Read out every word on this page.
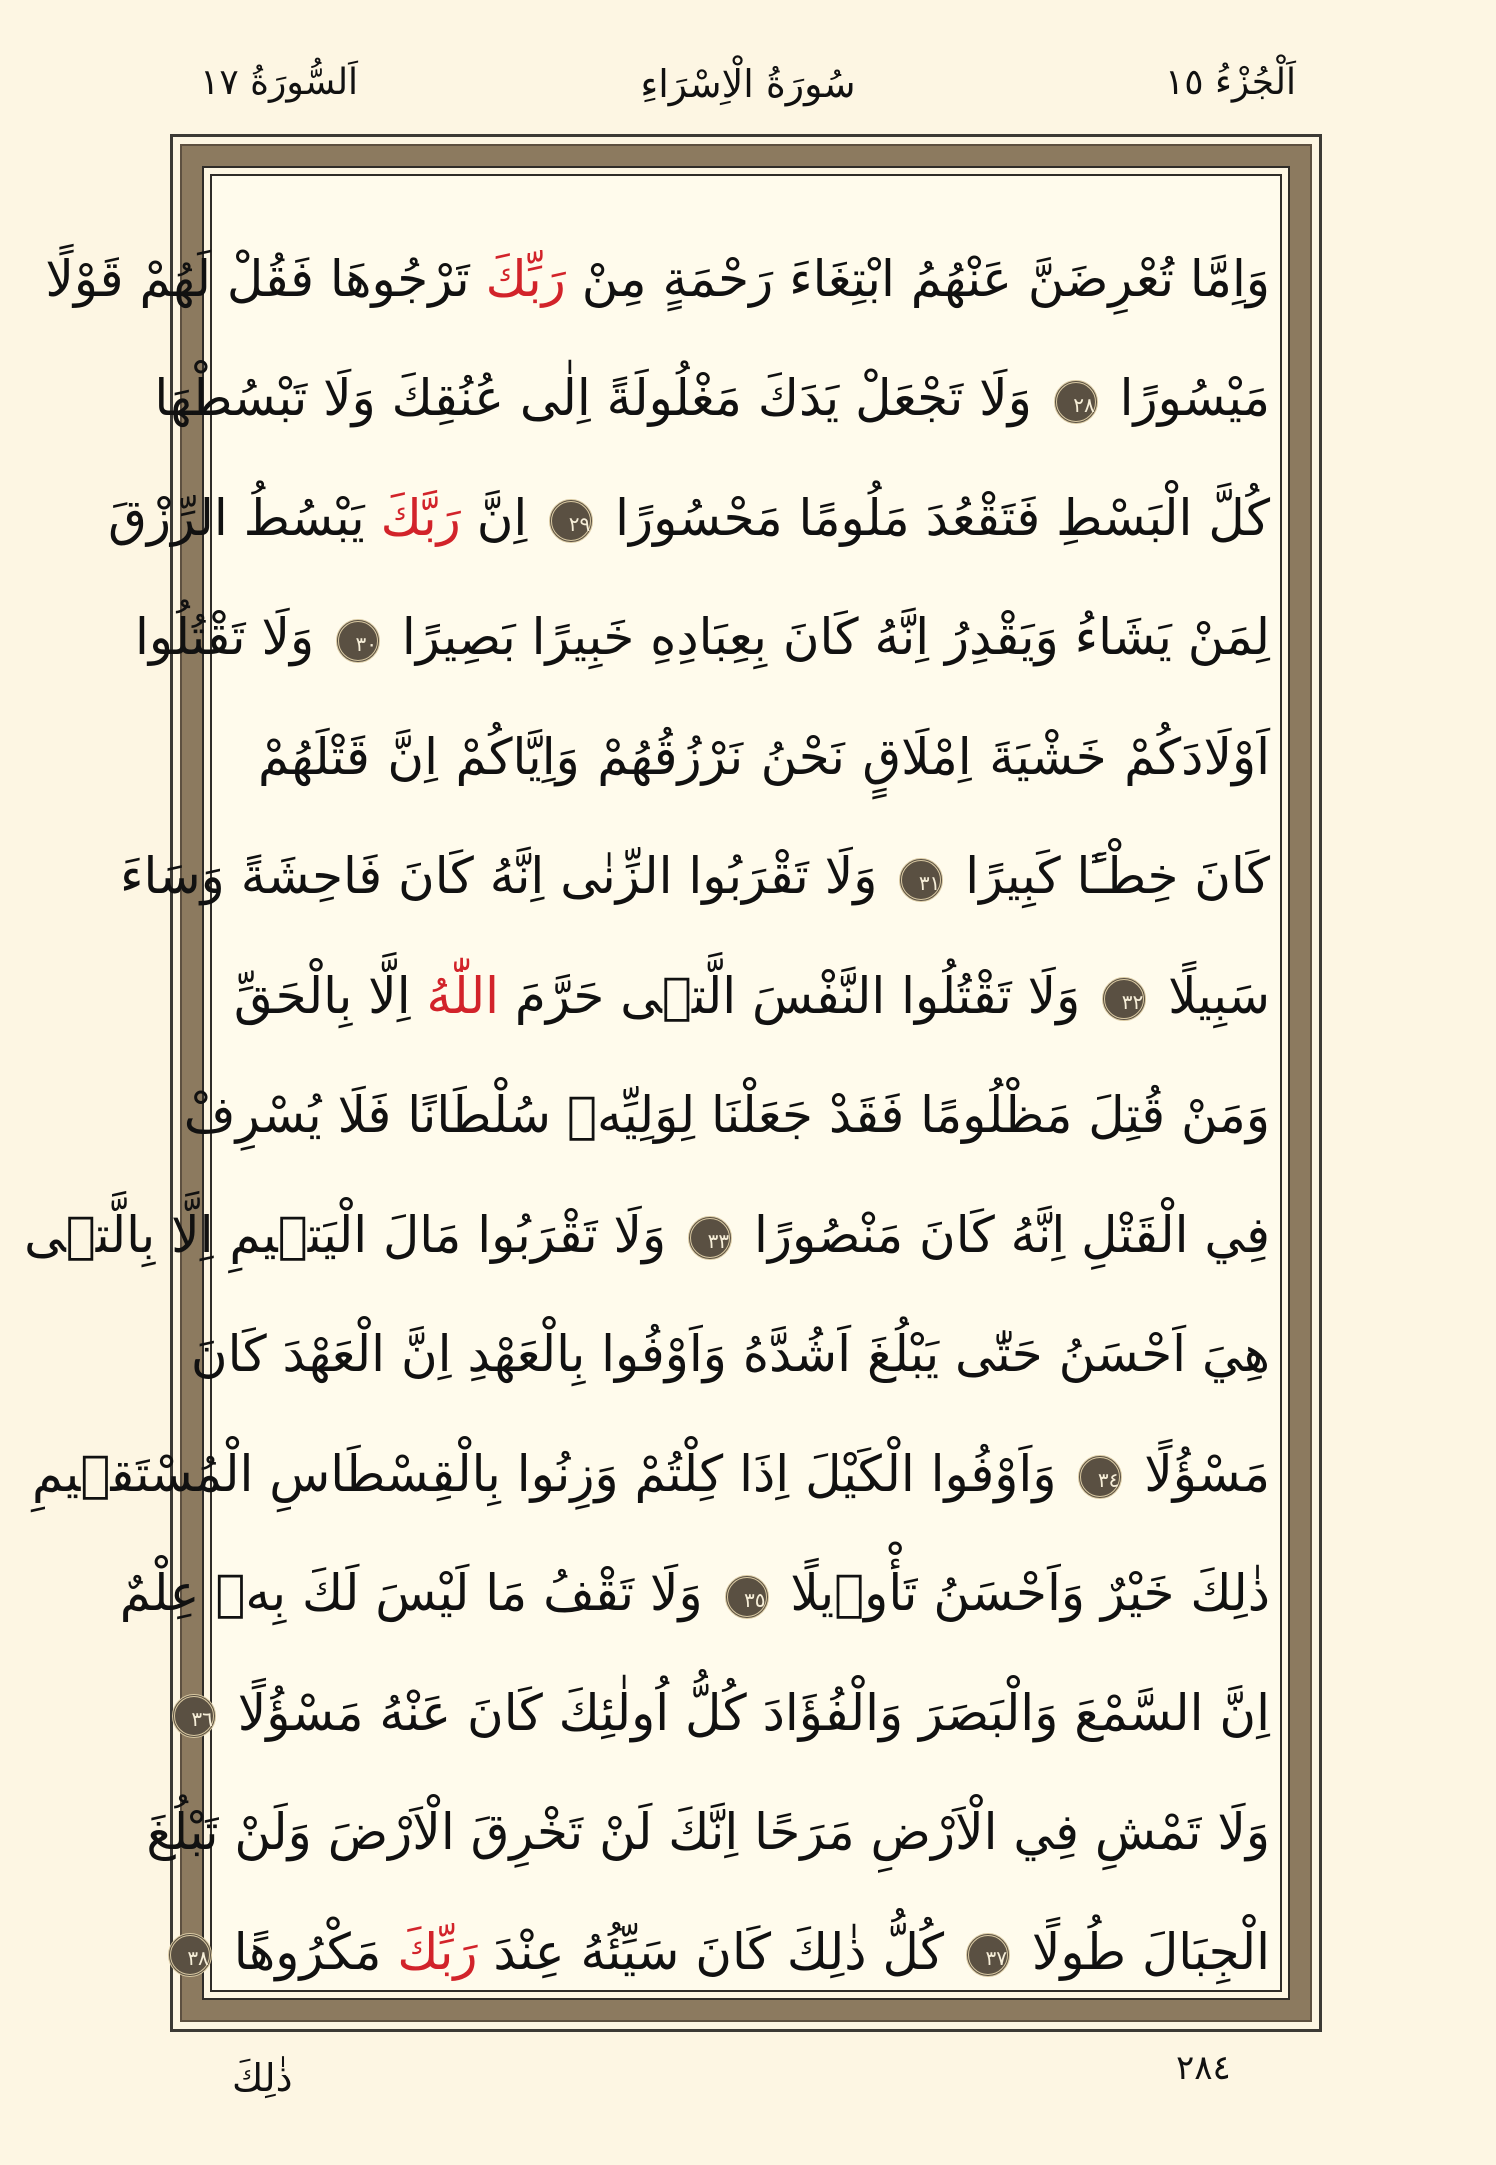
اَلْجُزْءُ ١٥
سُورَةُ الْاِسْرَاءِ
اَلسُّورَةُ ١٧
وَاِمَّا تُعْرِضَنَّ عَنْهُمُ ابْتِغَاءَ رَحْمَةٍ مِنْ رَبِّكَ تَرْجُوهَا فَقُلْ لَهُمْ قَوْلًا
مَيْسُورًا ٢٨ وَلَا تَجْعَلْ يَدَكَ مَغْلُولَةً اِلٰى عُنُقِكَ وَلَا تَبْسُطْهَا
كُلَّ الْبَسْطِ فَتَقْعُدَ مَلُومًا مَحْسُورًا ٢٩ اِنَّ رَبَّكَ يَبْسُطُ الرِّزْقَ
لِمَنْ يَشَاءُ وَيَقْدِرُ اِنَّهُ كَانَ بِعِبَادِهِ خَبِيرًا بَصِيرًا ٣٠ وَلَا تَقْتُلُوا
اَوْلَادَكُمْ خَشْيَةَ اِمْلَاقٍ نَحْنُ نَرْزُقُهُمْ وَاِيَّاكُمْ اِنَّ قَتْلَهُمْ
كَانَ خِطْـًٔا كَبِيرًا ٣١ وَلَا تَقْرَبُوا الزِّنٰى اِنَّهُ كَانَ فَاحِشَةً وَسَاءَ
سَبِيلًا ٣٢ وَلَا تَقْتُلُوا النَّفْسَ الَّتٖى حَرَّمَ اللّٰهُ اِلَّا بِالْحَقِّ
وَمَنْ قُتِلَ مَظْلُومًا فَقَدْ جَعَلْنَا لِوَلِيِّهٖ سُلْطَانًا فَلَا يُسْرِفْ
فِي الْقَتْلِ اِنَّهُ كَانَ مَنْصُورًا ٣٣ وَلَا تَقْرَبُوا مَالَ الْيَتٖيمِ اِلَّا بِالَّتٖى
هِيَ اَحْسَنُ حَتّٰى يَبْلُغَ اَشُدَّهُ وَاَوْفُوا بِالْعَهْدِ اِنَّ الْعَهْدَ كَانَ
مَسْؤُلًا ٣٤ وَاَوْفُوا الْكَيْلَ اِذَا كِلْتُمْ وَزِنُوا بِالْقِسْطَاسِ الْمُسْتَقٖيمِ
ذٰلِكَ خَيْرٌ وَاَحْسَنُ تَأْوٖيلًا ٣٥ وَلَا تَقْفُ مَا لَيْسَ لَكَ بِهٖ عِلْمٌ
اِنَّ السَّمْعَ وَالْبَصَرَ وَالْفُؤَادَ كُلُّ اُولٰئِكَ كَانَ عَنْهُ مَسْؤُلًا ٣٦
وَلَا تَمْشِ فِي الْاَرْضِ مَرَحًا اِنَّكَ لَنْ تَخْرِقَ الْاَرْضَ وَلَنْ تَبْلُغَ
الْجِبَالَ طُولًا ٣٧ كُلُّ ذٰلِكَ كَانَ سَيِّئُهُ عِنْدَ رَبِّكَ مَكْرُوهًا ٣٨
٢٨٤
ذٰلِكَ
